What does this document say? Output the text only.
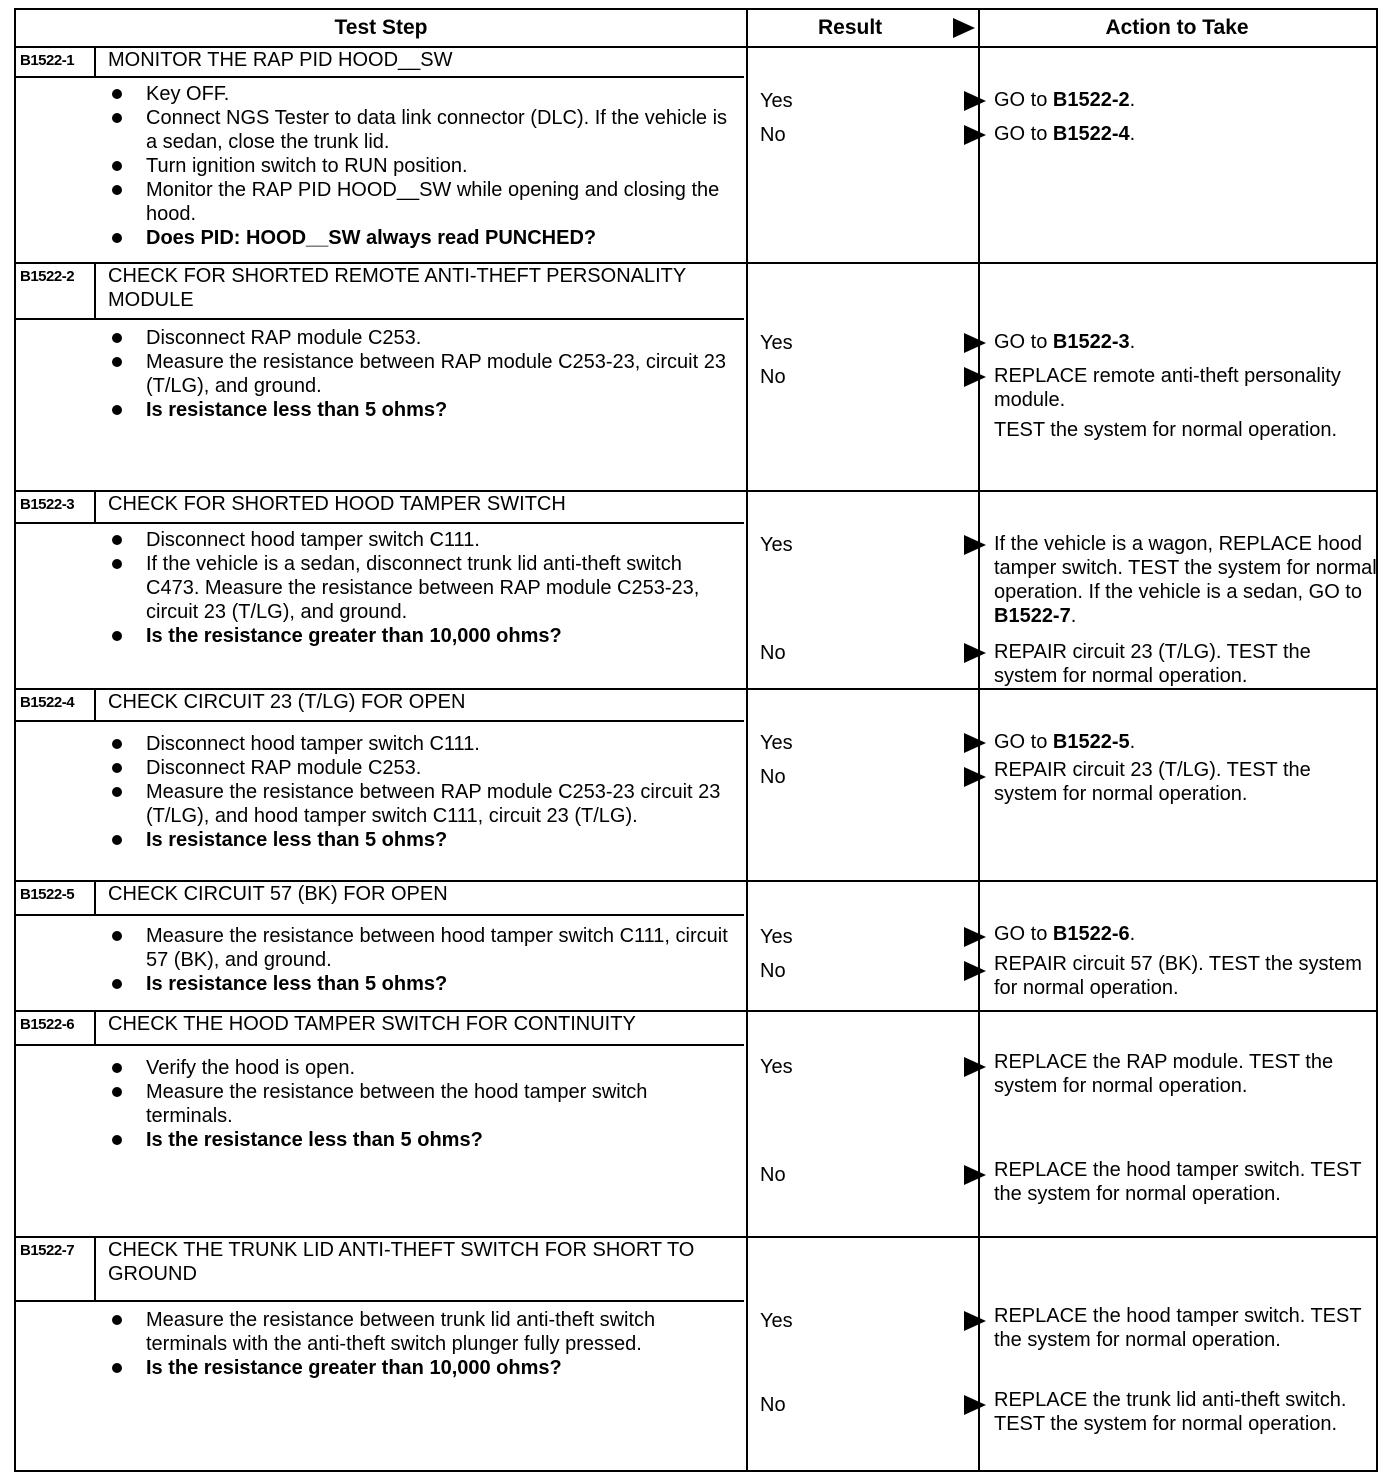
Test Step	Result	Action to Take
B1522-1	MONITOR THE RAP PID HOOD__SW
Key OFF.
Connect NGS Tester to data link connector (DLC). If the vehicle is a sedan, close the trunk lid.
Turn ignition switch to RUN position.
Monitor the RAP PID HOOD__SW while opening and closing the hood.
Does PID: HOOD__SW always read PUNCHED?
Yes	GO to B1522-2.
No	GO to B1522-4.
B1522-2	CHECK FOR SHORTED REMOTE ANTI-THEFT PERSONALITY MODULE
Disconnect RAP module C253.
Measure the resistance between RAP module C253-23, circuit 23 (T/LG), and ground.
Is resistance less than 5 ohms?
Yes	GO to B1522-3.
No	REPLACE remote anti-theft personality module.
TEST the system for normal operation.
B1522-3	CHECK FOR SHORTED HOOD TAMPER SWITCH
Disconnect hood tamper switch C111.
If the vehicle is a sedan, disconnect trunk lid anti-theft switch C473. Measure the resistance between RAP module C253-23, circuit 23 (T/LG), and ground.
Is the resistance greater than 10,000 ohms?
Yes	If the vehicle is a wagon, REPLACE hood tamper switch. TEST the system for normal operation. If the vehicle is a sedan, GO to B1522-7.
No	REPAIR circuit 23 (T/LG). TEST the system for normal operation.
B1522-4	CHECK CIRCUIT 23 (T/LG) FOR OPEN
Disconnect hood tamper switch C111.
Disconnect RAP module C253.
Measure the resistance between RAP module C253-23 circuit 23 (T/LG), and hood tamper switch C111, circuit 23 (T/LG).
Is resistance less than 5 ohms?
Yes	GO to B1522-5.
No	REPAIR circuit 23 (T/LG). TEST the system for normal operation.
B1522-5	CHECK CIRCUIT 57 (BK) FOR OPEN
Measure the resistance between hood tamper switch C111, circuit 57 (BK), and ground.
Is resistance less than 5 ohms?
Yes	GO to B1522-6.
No	REPAIR circuit 57 (BK). TEST the system for normal operation.
B1522-6	CHECK THE HOOD TAMPER SWITCH FOR CONTINUITY
Verify the hood is open.
Measure the resistance between the hood tamper switch terminals.
Is the resistance less than 5 ohms?
Yes	REPLACE the RAP module. TEST the system for normal operation.
No	REPLACE the hood tamper switch. TEST the system for normal operation.
B1522-7	CHECK THE TRUNK LID ANTI-THEFT SWITCH FOR SHORT TO GROUND
Measure the resistance between trunk lid anti-theft switch terminals with the anti-theft switch plunger fully pressed.
Is the resistance greater than 10,000 ohms?
Yes	REPLACE the hood tamper switch. TEST the system for normal operation.
No	REPLACE the trunk lid anti-theft switch. TEST the system for normal operation.
